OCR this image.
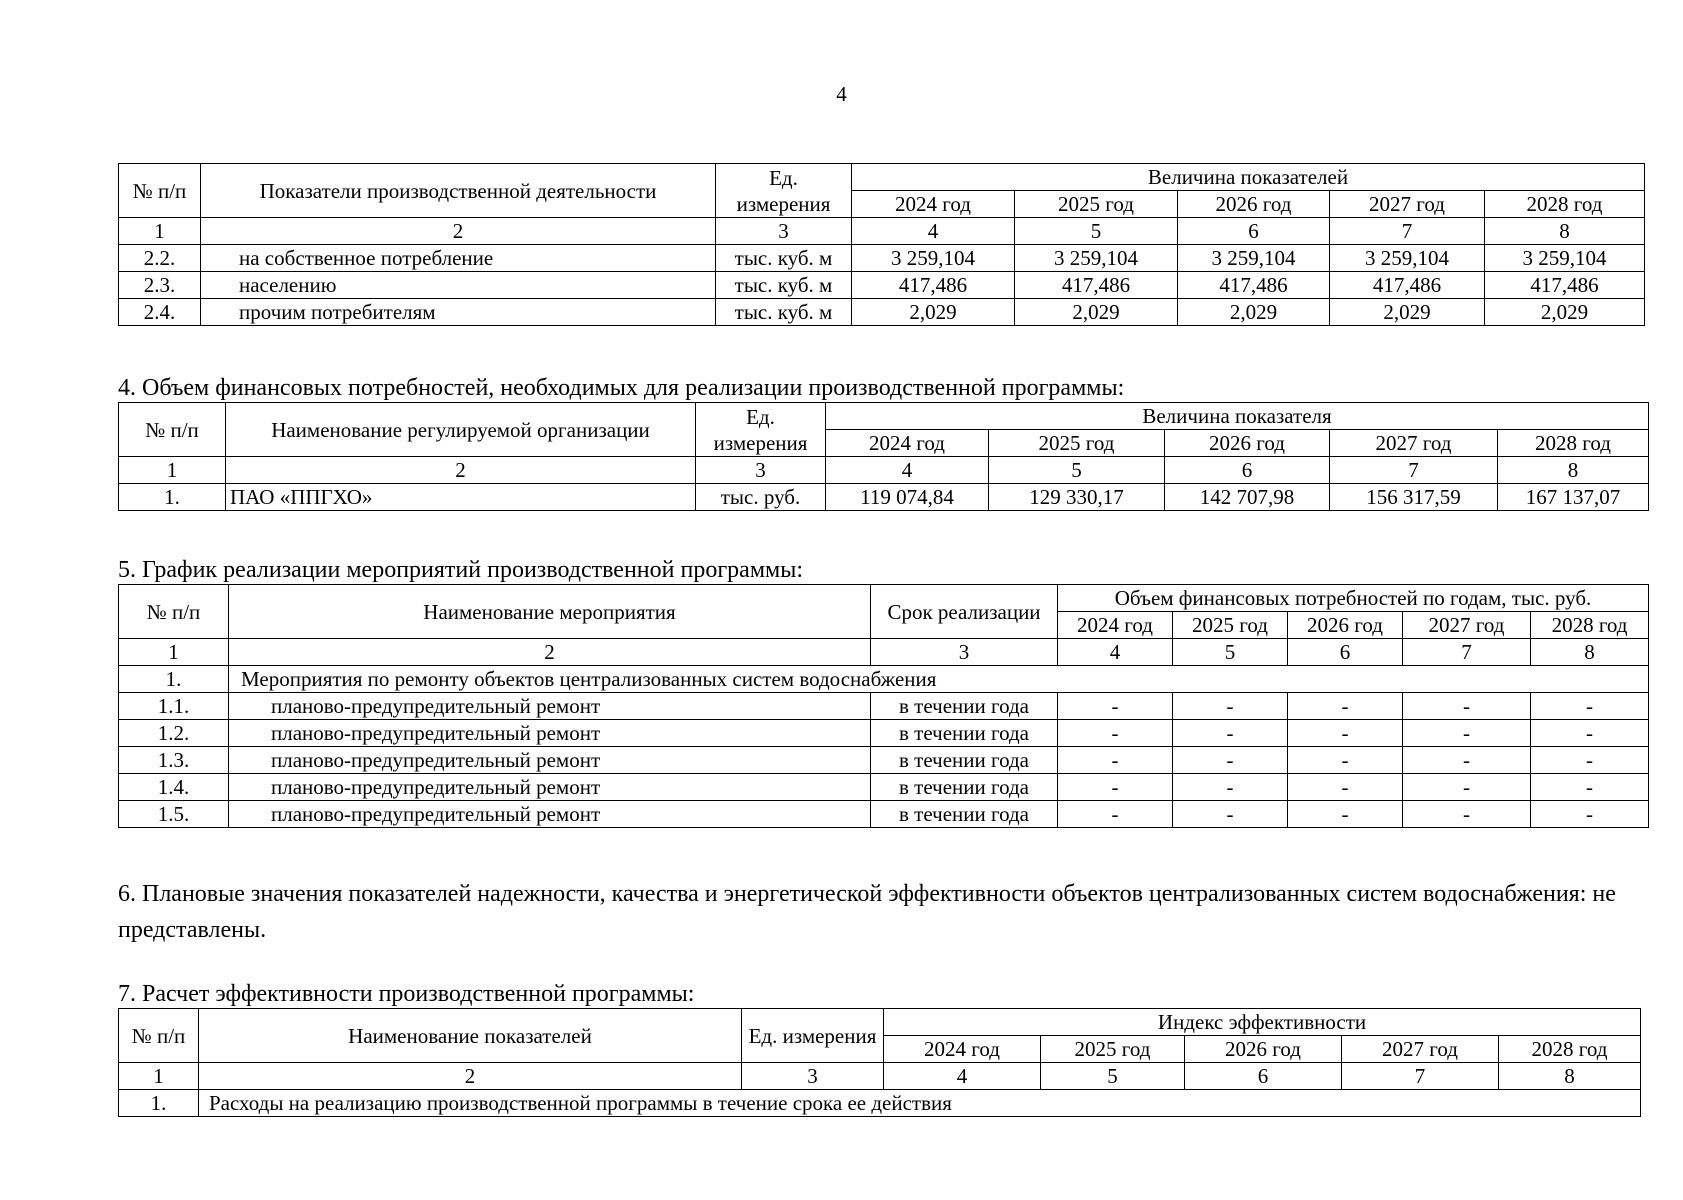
4
№ п/п	Показатели производственной деятельности	Ед. измерения	Величина показателей				
			2024 год	2025 год	2026 год	2027 год	2028 год
1	2	3	4	5	6	7	8
2.2.	на собственное потребление	тыс. куб. м	3 259,104	3 259,104	3 259,104	3 259,104	3 259,104
2.3.	населению	тыс. куб. м	417,486	417,486	417,486	417,486	417,486
2.4.	прочим потребителям	тыс. куб. м	2,029	2,029	2,029	2,029	2,029
4. Объем финансовых потребностей, необходимых для реализации производственной программы:
№ п/п	Наименование регулируемой организации	Ед. измерения	Величина показателя				
			2024 год	2025 год	2026 год	2027 год	2028 год
1	2	3	4	5	6	7	8
1.	ПАО «ППГХО»	тыс. руб.	119 074,84	129 330,17	142 707,98	156 317,59	167 137,07
5. График реализации мероприятий производственной программы:
№ п/п	Наименование мероприятия	Срок реализации	Объем финансовых потребностей по годам, тыс. руб.				
			2024 год	2025 год	2026 год	2027 год	2028 год
1	2	3	4	5	6	7	8
1.	Мероприятия по ремонту объектов централизованных систем водоснабжения						
1.1.	планово-предупредительный ремонт	в течении года	-	-	-	-	-
1.2.	планово-предупредительный ремонт	в течении года	-	-	-	-	-
1.3.	планово-предупредительный ремонт	в течении года	-	-	-	-	-
1.4.	планово-предупредительный ремонт	в течении года	-	-	-	-	-
1.5.	планово-предупредительный ремонт	в течении года	-	-	-	-	-
6. Плановые значения показателей надежности, качества и энергетической эффективности объектов централизованных систем водоснабжения: не представлены.
7. Расчет эффективности производственной программы:
№ п/п	Наименование показателей	Ед. измерения	Индекс эффективности				
			2024 год	2025 год	2026 год	2027 год	2028 год
1	2	3	4	5	6	7	8
1.	Расходы на реализацию производственной программы в течение срока ее действия						
